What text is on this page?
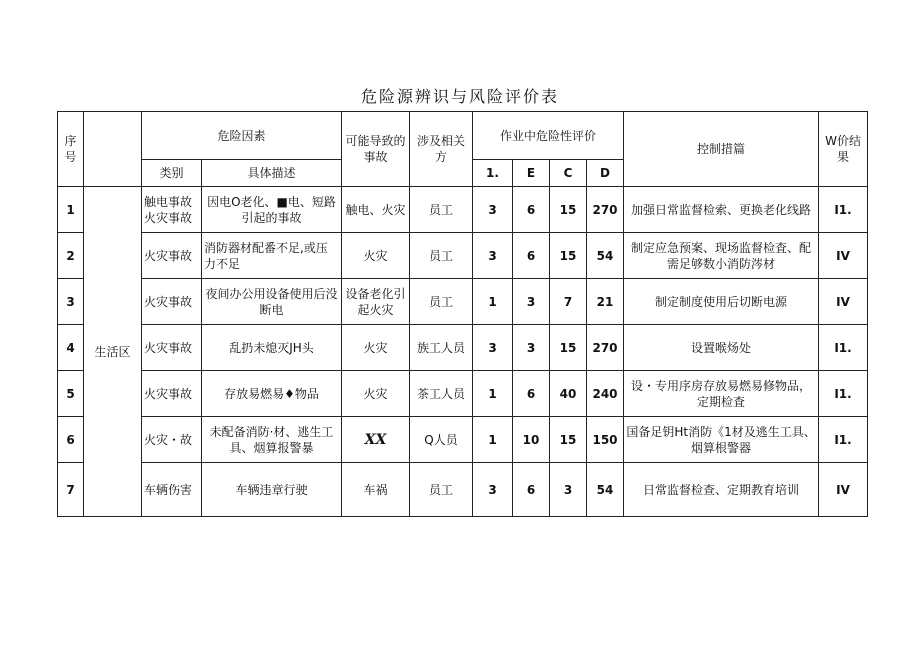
危险源辨识与风险评价表
序号		危险因素		可能导致的事故	涉及相关方	作业中危险性评价				控制措篇	W价结果
		类别	具体描述			1.	E	C	D		
1	生活区	触电事故火灾事故	因电O老化、■电、短路引起的事故	触电、火灾	员工	3	6	15	270	加强日常监督检索、更换老化线路	I1.
2		火灾事故	消防器材配番不足,或压力不足	火灾	员工	3	6	15	54	制定应急预案、现场监督检査、配需足够数小消防涔材	IV
3		火灾事故	夜间办公用设备使用后没断电	设备老化引起火灾	员工	1	3	7	21	制定制度使用后切断电源	IV
4		火灾事故	乱扔未熄灭JH头	火灾	族工人员	3	3	15	270	设置喉炀处	I1.
5		火灾事故	存放易燃易♦物品	火灾	茶工人员	1	6	40	240	设・专用序房存放易燃易修物品，定期检査	I1.
6		火灾・故	未配备消防·材、逃生工具、烟算报警暴	XX	Q人员	1	10	15	150	国备足钥Ht消防《1材及逃生工具、烟算根警器	I1.
7		车辆伤害	车辆违章行驶	车祸	员工	3	6	3	54	日常监督检查、定期教育培训	IV
